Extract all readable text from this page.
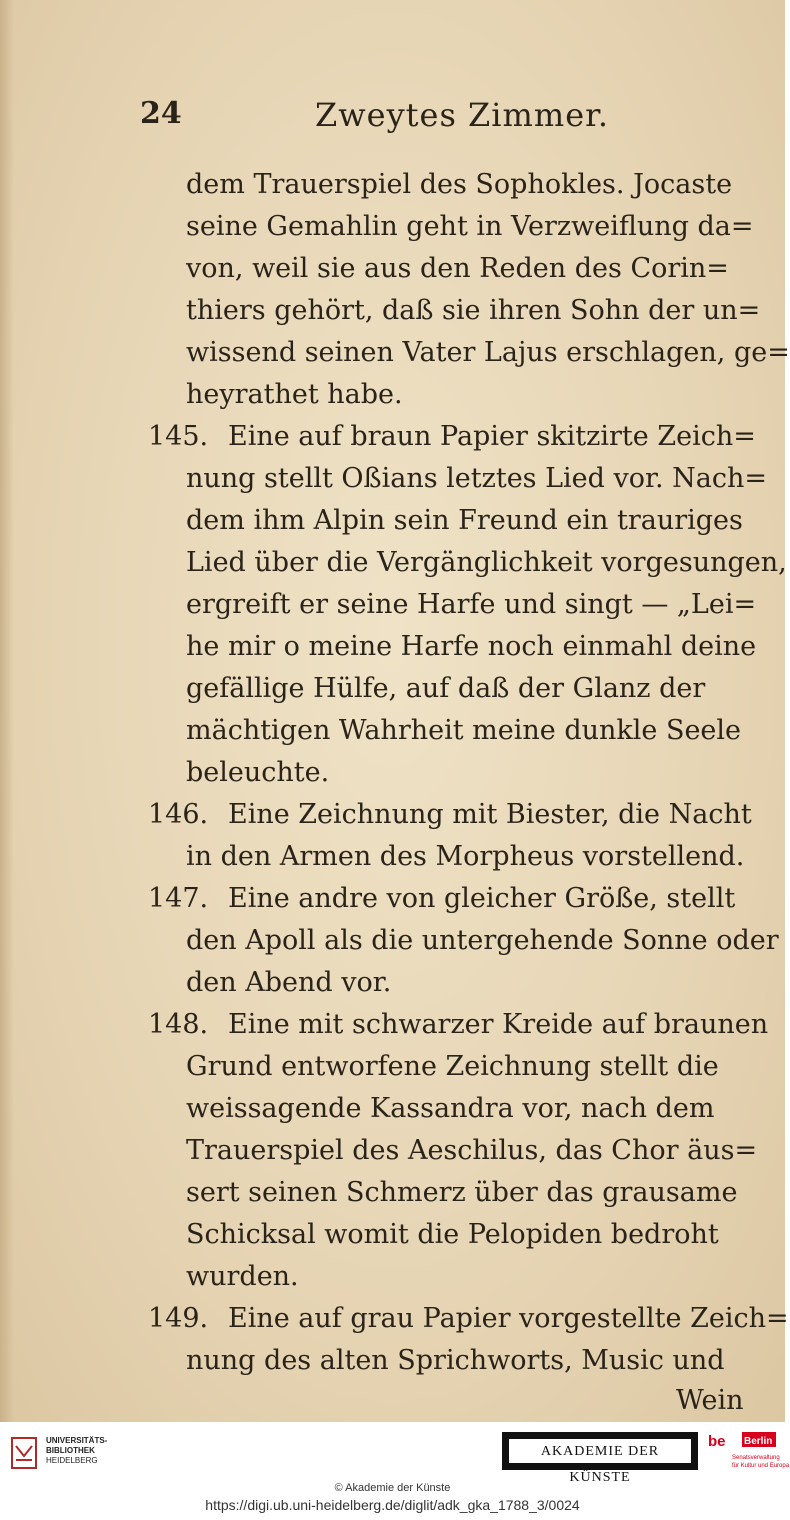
24	Zweytes Zimmer.
dem Trauerspiel des Sophokles. Jocaste
seine Gemahlin geht in Verzweiflung da=
von, weil sie aus den Reden des Corin=
thiers gehört, daß sie ihren Sohn der un=
wissend seinen Vater Lajus erschlagen, ge=
heyrathet habe.
145. Eine auf braun Papier skitzirte Zeich=
nung stellt Oßians letztes Lied vor. Nach=
dem ihm Alpin sein Freund ein trauriges
Lied über die Vergänglichkeit vorgesungen,
ergreift er seine Harfe und singt — „Lei=
he mir o meine Harfe noch einmahl deine
gefällige Hülfe, auf daß der Glanz der
mächtigen Wahrheit meine dunkle Seele
beleuchte.
146. Eine Zeichnung mit Biester, die Nacht
in den Armen des Morpheus vorstellend.
147. Eine andre von gleicher Größe, stellt
den Apoll als die untergehende Sonne oder
den Abend vor.
148. Eine mit schwarzer Kreide auf braunen
Grund entworfene Zeichnung stellt die
weissagende Kassandra vor, nach dem
Trauerspiel des Aeschilus, das Chor äus=
sert seinen Schmerz über das grausame
Schicksal womit die Pelopiden bedroht
wurden.
149. Eine auf grau Papier vorgestellte Zeich=
nung des alten Sprichworts, Music und
Wein
UNIVERSITÄTS-
BIBLIOTHEK
HEIDELBERG
AKADEMIE DER KÜNSTE
be Berlin
Senatsverwaltung
für Kultur und Europa
© Akademie der Künste
https://digi.ub.uni-heidelberg.de/diglit/adk_gka_1788_3/0024
